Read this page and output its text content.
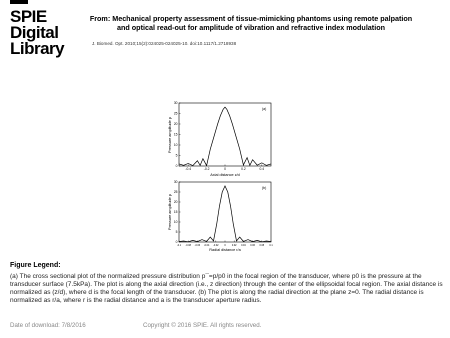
SPIE
Digital
Library
From: Mechanical property assessment of tissue-mimicking phantoms using remote palpation and optical read-out for amplitude of vibration and refractive index modulation
J. Biomed. Opt. 2010;15(2):024025-024025-10. doi:10.1117/1.2718938
(a)
Pressure amplitude p
Axial distance z/d
0
5
10
15
20
25
30
-0.4	-0.2	0	0.2	0.4
(b)
Pressure amplitude p
Radial distance r/a
0
5
10
15
20
25
30
-0.1 -0.08 -0.06 -0.04 -0.02 0	0.02 0.04 0.06 0.08 0.1
Figure Legend:
(a) The cross sectional plot of the normalized pressure distribution p¯=p/p0 in the focal region of the transducer, where p0 is the pressure at the transducer surface (7.5kPa). The plot is along the axial direction (i.e., z direction) through the center of the ellipsoidal focal region. The axial distance is normalized as (z/d), where d is the focal length of the transducer. (b) The plot is along the radial direction at the plane z=0. The radial distance is normalized as r/a, where r is the radial distance and a is the transducer aperture radius.
Date of download: 7/8/2016	Copyright © 2016 SPIE. All rights reserved.
